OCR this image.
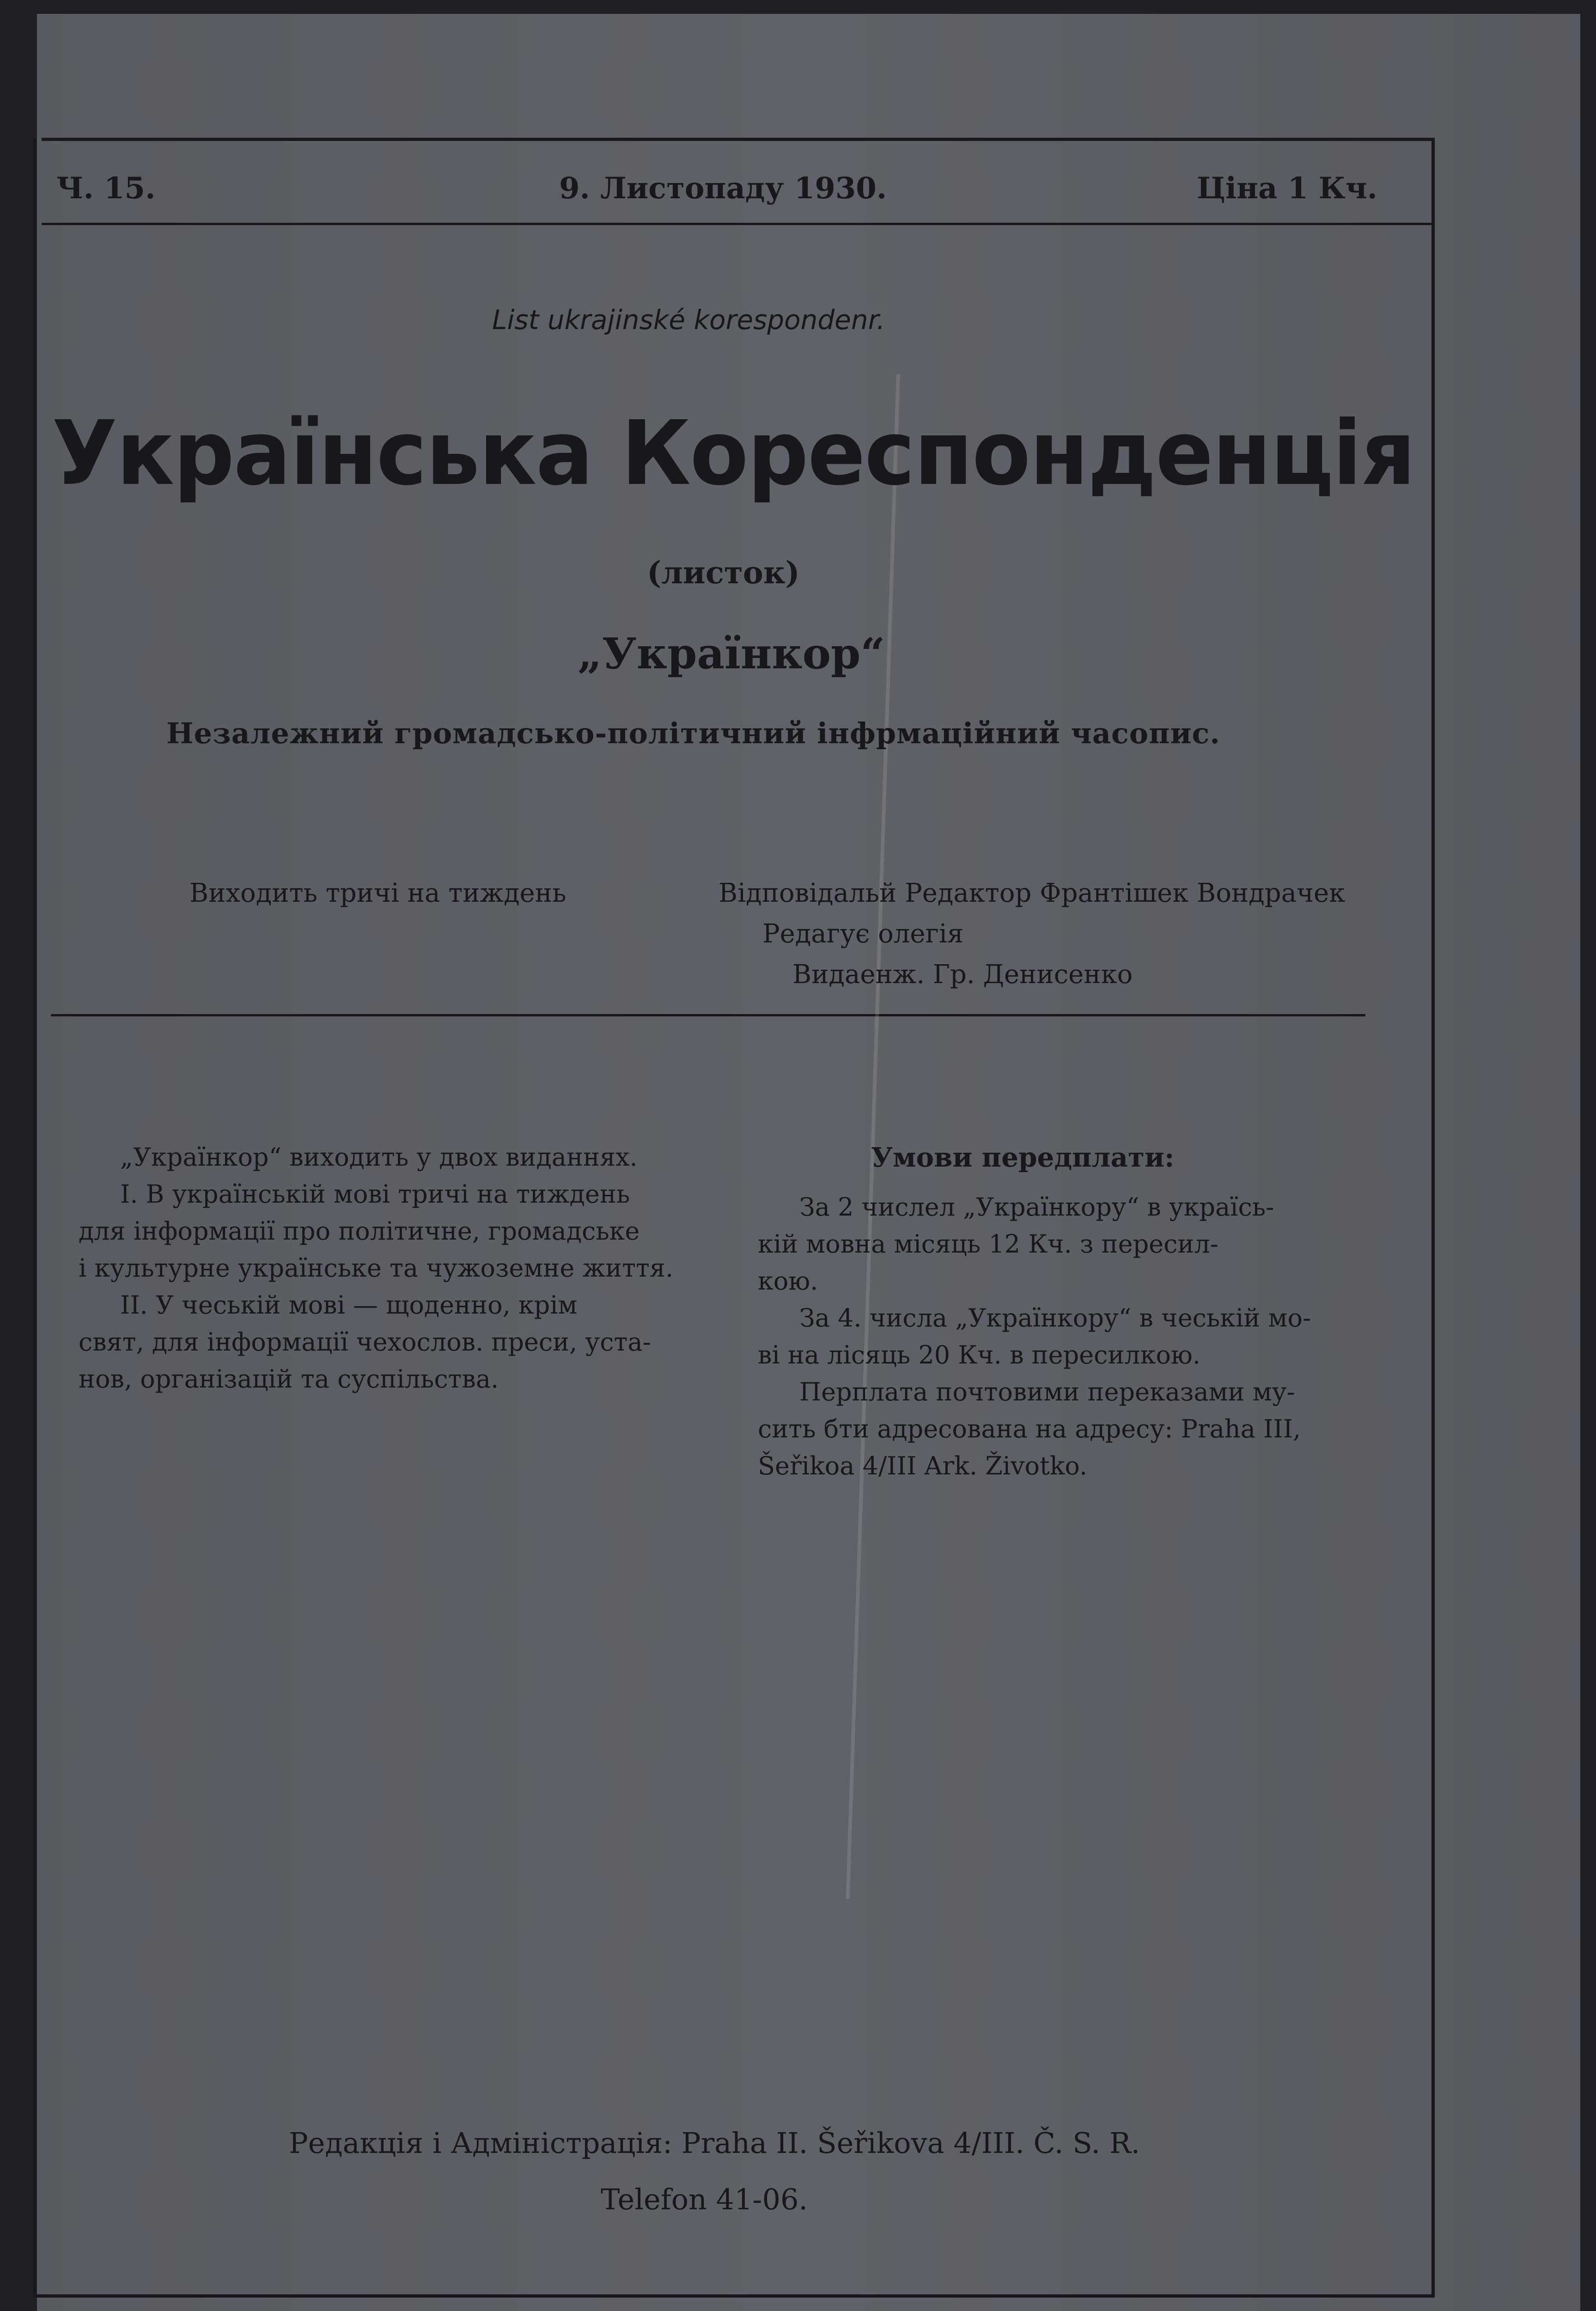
Ч. 15.	9. Листопаду 1930.	Ціна 1 Кч.
List ukrajinské korespondenr.
Українська Кореспонденція
(листок)
„Украïнкор“
Незалежний громадсько-політичний інфрмаційний часопис.
Виходить тричі на тиждень	Відповідальй Редактор Франтішек Вондрачек
Редагує олегія
Видаенж. Гр. Денисенко
„Украïнкор“ виходить у двох виданнях.
I. В українській мові тричі на тиждень
для інформації про політичне, громадське
і культурне українське та чужоземне життя.
II. У чеській мові — щоденно, крім
свят, для інформації чехослов. преси, уста-
нов, організацій та суспільства.
Умови передплати:
За 2 числел „Украïнкору“ в україсь-
кій мовна місяць 12 Кч. з пересил-
кою.
За 4. числа „Украïнкору“ в чеській мо-
ві на лісяць 20 Кч. в пересилкою.
Перплата почтовими переказами му-
сить бти адресована на адресу: Praha III,
Šeřikoa 4/III Ark. Životko.
Редакція і Адміністрація: Praha II. Šeřikova 4/III. Č. S. R.
Telefon 41-06.
